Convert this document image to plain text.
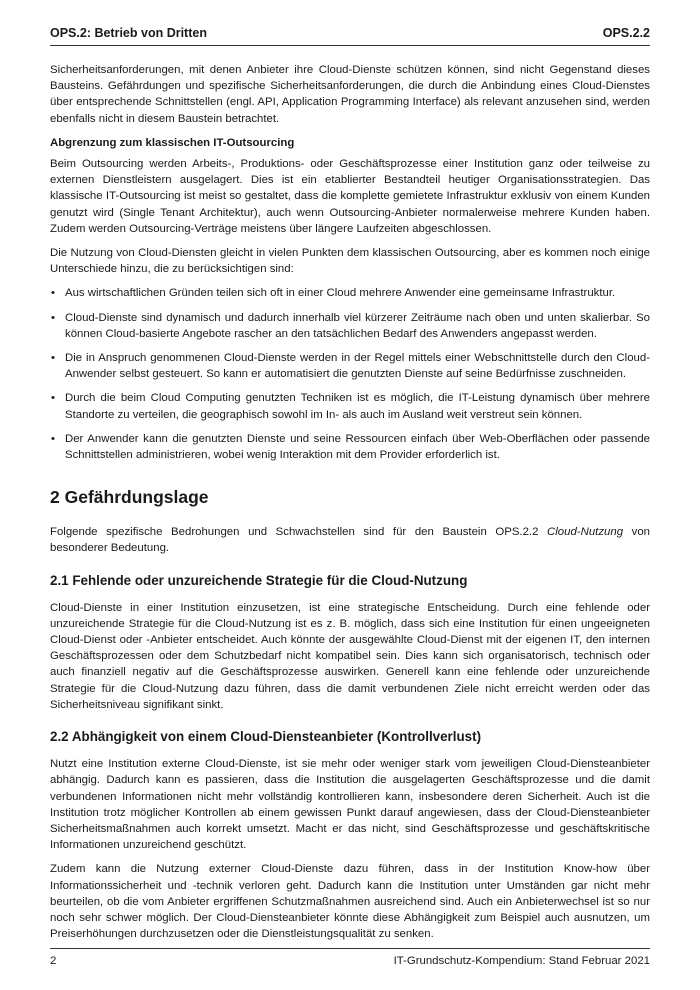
OPS.2: Betrieb von Dritten	OPS.2.2

Sicherheitsanforderungen, mit denen Anbieter ihre Cloud-Dienste schützen können, sind nicht Gegenstand dieses Bausteins. Gefährdungen und spezifische Sicherheitsanforderungen, die durch die Anbindung eines Cloud-Dienstes über entsprechende Schnittstellen (engl. API, Application Programming Interface) als relevant anzusehen sind, werden ebenfalls nicht in diesem Baustein betrachtet.

Abgrenzung zum klassischen IT-Outsourcing

Beim Outsourcing werden Arbeits-, Produktions- oder Geschäftsprozesse einer Institution ganz oder teilweise zu externen Dienstleistern ausgelagert. Dies ist ein etablierter Bestandteil heutiger Organisationsstrategien. Das klassische IT-Outsourcing ist meist so gestaltet, dass die komplette gemietete Infrastruktur exklusiv von einem Kunden genutzt wird (Single Tenant Architektur), auch wenn Outsourcing-Anbieter normalerweise mehrere Kunden haben. Zudem werden Outsourcing-Verträge meistens über längere Laufzeiten abgeschlossen.

Die Nutzung von Cloud-Diensten gleicht in vielen Punkten dem klassischen Outsourcing, aber es kommen noch einige Unterschiede hinzu, die zu berücksichtigen sind:

• Aus wirtschaftlichen Gründen teilen sich oft in einer Cloud mehrere Anwender eine gemeinsame Infrastruktur.
• Cloud-Dienste sind dynamisch und dadurch innerhalb viel kürzerer Zeiträume nach oben und unten skalierbar. So können Cloud-basierte Angebote rascher an den tatsächlichen Bedarf des Anwenders angepasst werden.
• Die in Anspruch genommenen Cloud-Dienste werden in der Regel mittels einer Webschnittstelle durch den Cloud-Anwender selbst gesteuert. So kann er automatisiert die genutzten Dienste auf seine Bedürfnisse zuschneiden.
• Durch die beim Cloud Computing genutzten Techniken ist es möglich, die IT-Leistung dynamisch über mehrere Standorte zu verteilen, die geographisch sowohl im In- als auch im Ausland weit verstreut sein können.
• Der Anwender kann die genutzten Dienste und seine Ressourcen einfach über Web-Oberflächen oder passende Schnittstellen administrieren, wobei wenig Interaktion mit dem Provider erforderlich ist.
2 Gefährdungslage

Folgende spezifische Bedrohungen und Schwachstellen sind für den Baustein OPS.2.2 Cloud-Nutzung von besonderer Bedeutung.

2.1 Fehlende oder unzureichende Strategie für die Cloud-Nutzung

Cloud-Dienste in einer Institution einzusetzen, ist eine strategische Entscheidung. Durch eine fehlende oder unzureichende Strategie für die Cloud-Nutzung ist es z. B. möglich, dass sich eine Institution für einen ungeeigneten Cloud-Dienst oder -Anbieter entscheidet. Auch könnte der ausgewählte Cloud-Dienst mit der eigenen IT, den internen Geschäftsprozessen oder dem Schutzbedarf nicht kompatibel sein. Dies kann sich organisatorisch, technisch oder auch finanziell negativ auf die Geschäftsprozesse auswirken. Generell kann eine fehlende oder unzureichende Strategie für die Cloud-Nutzung dazu führen, dass die damit verbundenen Ziele nicht erreicht werden oder das Sicherheitsniveau signifikant sinkt.

2.2 Abhängigkeit von einem Cloud-Diensteanbieter (Kontrollverlust)

Nutzt eine Institution externe Cloud-Dienste, ist sie mehr oder weniger stark vom jeweiligen Cloud-Diensteanbieter abhängig. Dadurch kann es passieren, dass die Institution die ausgelagerten Geschäftsprozesse und die damit verbundenen Informationen nicht mehr vollständig kontrollieren kann, insbesondere deren Sicherheit. Auch ist die Institution trotz möglicher Kontrollen ab einem gewissen Punkt darauf angewiesen, dass der Cloud-Diensteanbieter Sicherheitsmaßnahmen auch korrekt umsetzt. Macht er das nicht, sind Geschäftsprozesse und geschäftskritische Informationen unzureichend geschützt.

Zudem kann die Nutzung externer Cloud-Dienste dazu führen, dass in der Institution Know-how über Informationssicherheit und -technik verloren geht. Dadurch kann die Institution unter Umständen gar nicht mehr beurteilen, ob die vom Anbieter ergriffenen Schutzmaßnahmen ausreichend sind. Auch ein Anbieterwechsel ist so nur noch sehr schwer möglich. Der Cloud-Diensteanbieter könnte diese Abhängigkeit zum Beispiel auch ausnutzen, um Preiserhöhungen durchzusetzen oder die Dienstleistungsqualität zu senken.

2	IT-Grundschutz-Kompendium: Stand Februar 2021
